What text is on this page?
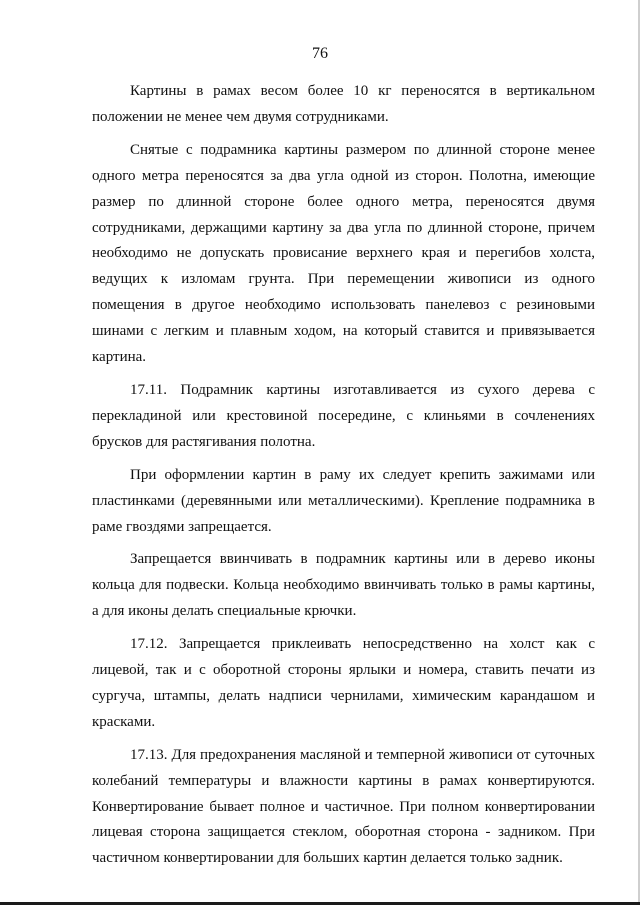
76

Картины в рамах весом более 10 кг переносятся в вертикальном положении не менее чем двумя сотрудниками.

Снятые с подрамника картины размером по длинной стороне менее одного метра переносятся за два угла одной из сторон. Полотна, имеющие размер по длинной стороне более одного метра, переносятся двумя сотрудниками, держащими картину за два угла по длинной стороне, причем необходимо не допускать провисание верхнего края и перегибов холста, ведущих к изломам грунта. При перемещении живописи из одного помещения в другое необходимо использовать панелевоз с резиновыми шинами с легким и плавным ходом, на который ставится и привязывается картина.

17.11. Подрамник картины изготавливается из сухого дерева с перекладиной или крестовиной посередине, с клиньями в сочленениях брусков для растягивания полотна.

При оформлении картин в раму их следует крепить зажимами или пластинками (деревянными или металлическими). Крепление подрамника в раме гвоздями запрещается.

Запрещается ввинчивать в подрамник картины или в дерево иконы кольца для подвески. Кольца необходимо ввинчивать только в рамы картины, а для иконы делать специальные крючки.

17.12. Запрещается приклеивать непосредственно на холст как с лицевой, так и с оборотной стороны ярлыки и номера, ставить печати из сургуча, штампы, делать надписи чернилами, химическим карандашом и красками.

17.13. Для предохранения масляной и темперной живописи от суточных колебаний температуры и влажности картины в рамах конвертируются. Конвертирование бывает полное и частичное. При полном конвертировании лицевая сторона защищается стеклом, оборотная сторона - задником. При частичном конвертировании для больших картин делается только задник.
